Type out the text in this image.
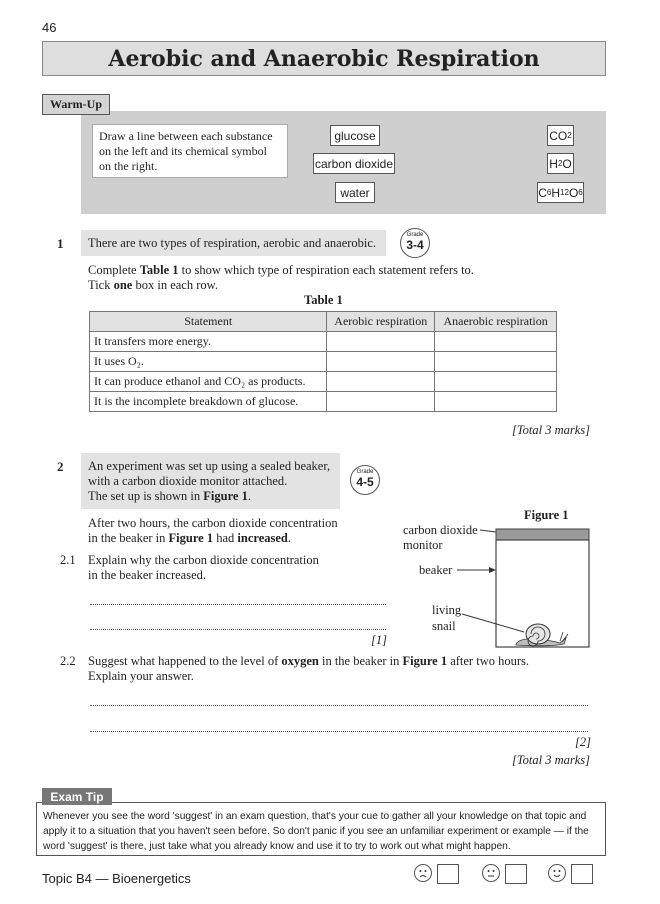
46
Aerobic and Anaerobic Respiration
Warm-Up
Draw a line between each substance on the left and its chemical symbol on the right.
glucose
carbon dioxide
water
CO 2
H 2 O
C 6 H 12 O 6
1 There are two types of respiration, aerobic and anaerobic.
Grade
3-4
Complete Table 1 to show which type of respiration each statement refers to.
Tick one box in each row.
Table 1
Statement	Aerobic respiration	Anaerobic respiration
It transfers more energy.		
It uses O₂.		
It can produce ethanol and CO₂ as products.		
It is the incomplete breakdown of glucose.		
[Total 3 marks]
2 An experiment was set up using a sealed beaker,
with a carbon dioxide monitor attached.
The set up is shown in Figure 1.
Grade
4-5
After two hours, the carbon dioxide concentration
in the beaker in Figure 1 had increased.
2.1 Explain why the carbon dioxide concentration
in the beaker increased.
[1]
Figure 1
carbon dioxide
monitor
beaker
living
snail
2.2 Suggest what happened to the level of oxygen in the beaker in Figure 1 after two hours.
Explain your answer.
[2]
[Total 3 marks]
Whenever you see the word 'suggest' in an exam question, that's your cue to gather all your knowledge on that topic and apply it to a situation that you haven't seen before. So don't panic if you see an unfamiliar experiment or example — if the word 'suggest' is there, just take what you already know and use it to try to work out what might happen.
Exam Tip
Topic B4 — Bioenergetics
